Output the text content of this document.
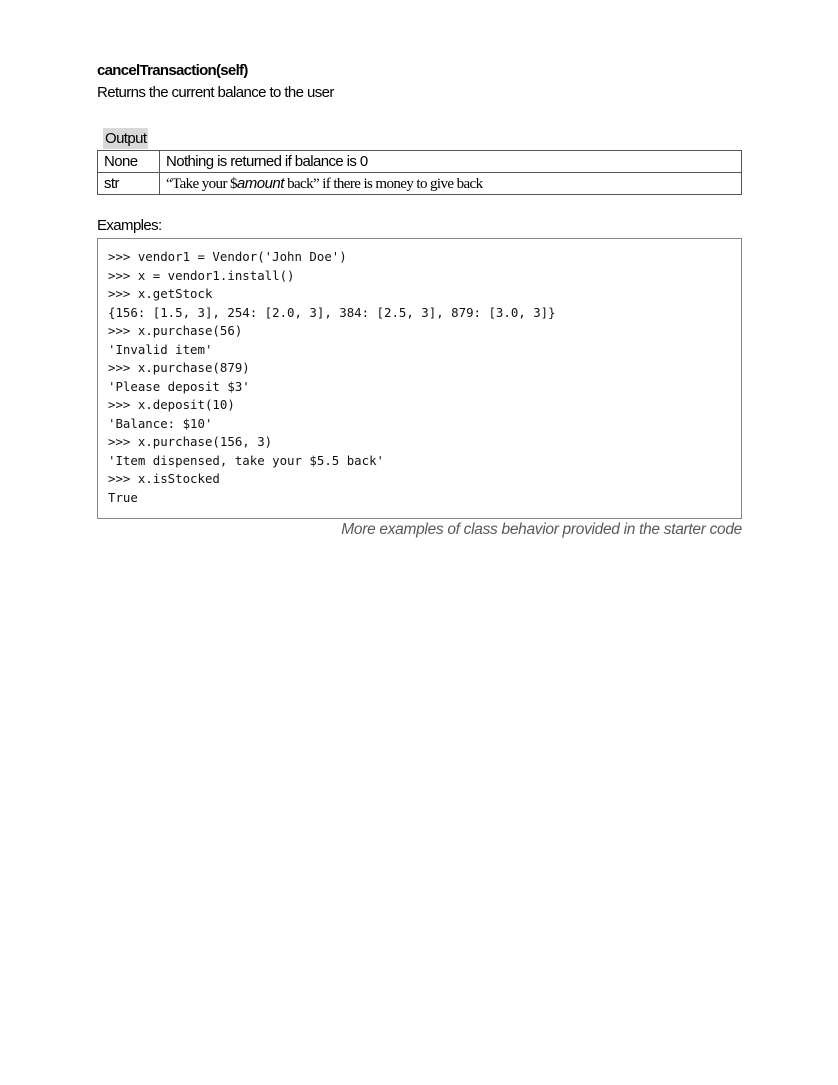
cancelTransaction(self)

Returns the current balance to the user

Output
None	Nothing is returned if balance is 0
str	“Take your $amount back” if there is money to give back
Examples:
>>> vendor1 = Vendor('John Doe')
>>> x = vendor1.install()
>>> x.getStock
{156: [1.5, 3], 254: [2.0, 3], 384: [2.5, 3], 879: [3.0, 3]}
>>> x.purchase(56)
'Invalid item'
>>> x.purchase(879)
'Please deposit $3'
>>> x.deposit(10)
'Balance: $10'
>>> x.purchase(156, 3)
'Item dispensed, take your $5.5 back'
>>> x.isStocked
True
More examples of class behavior provided in the starter code
